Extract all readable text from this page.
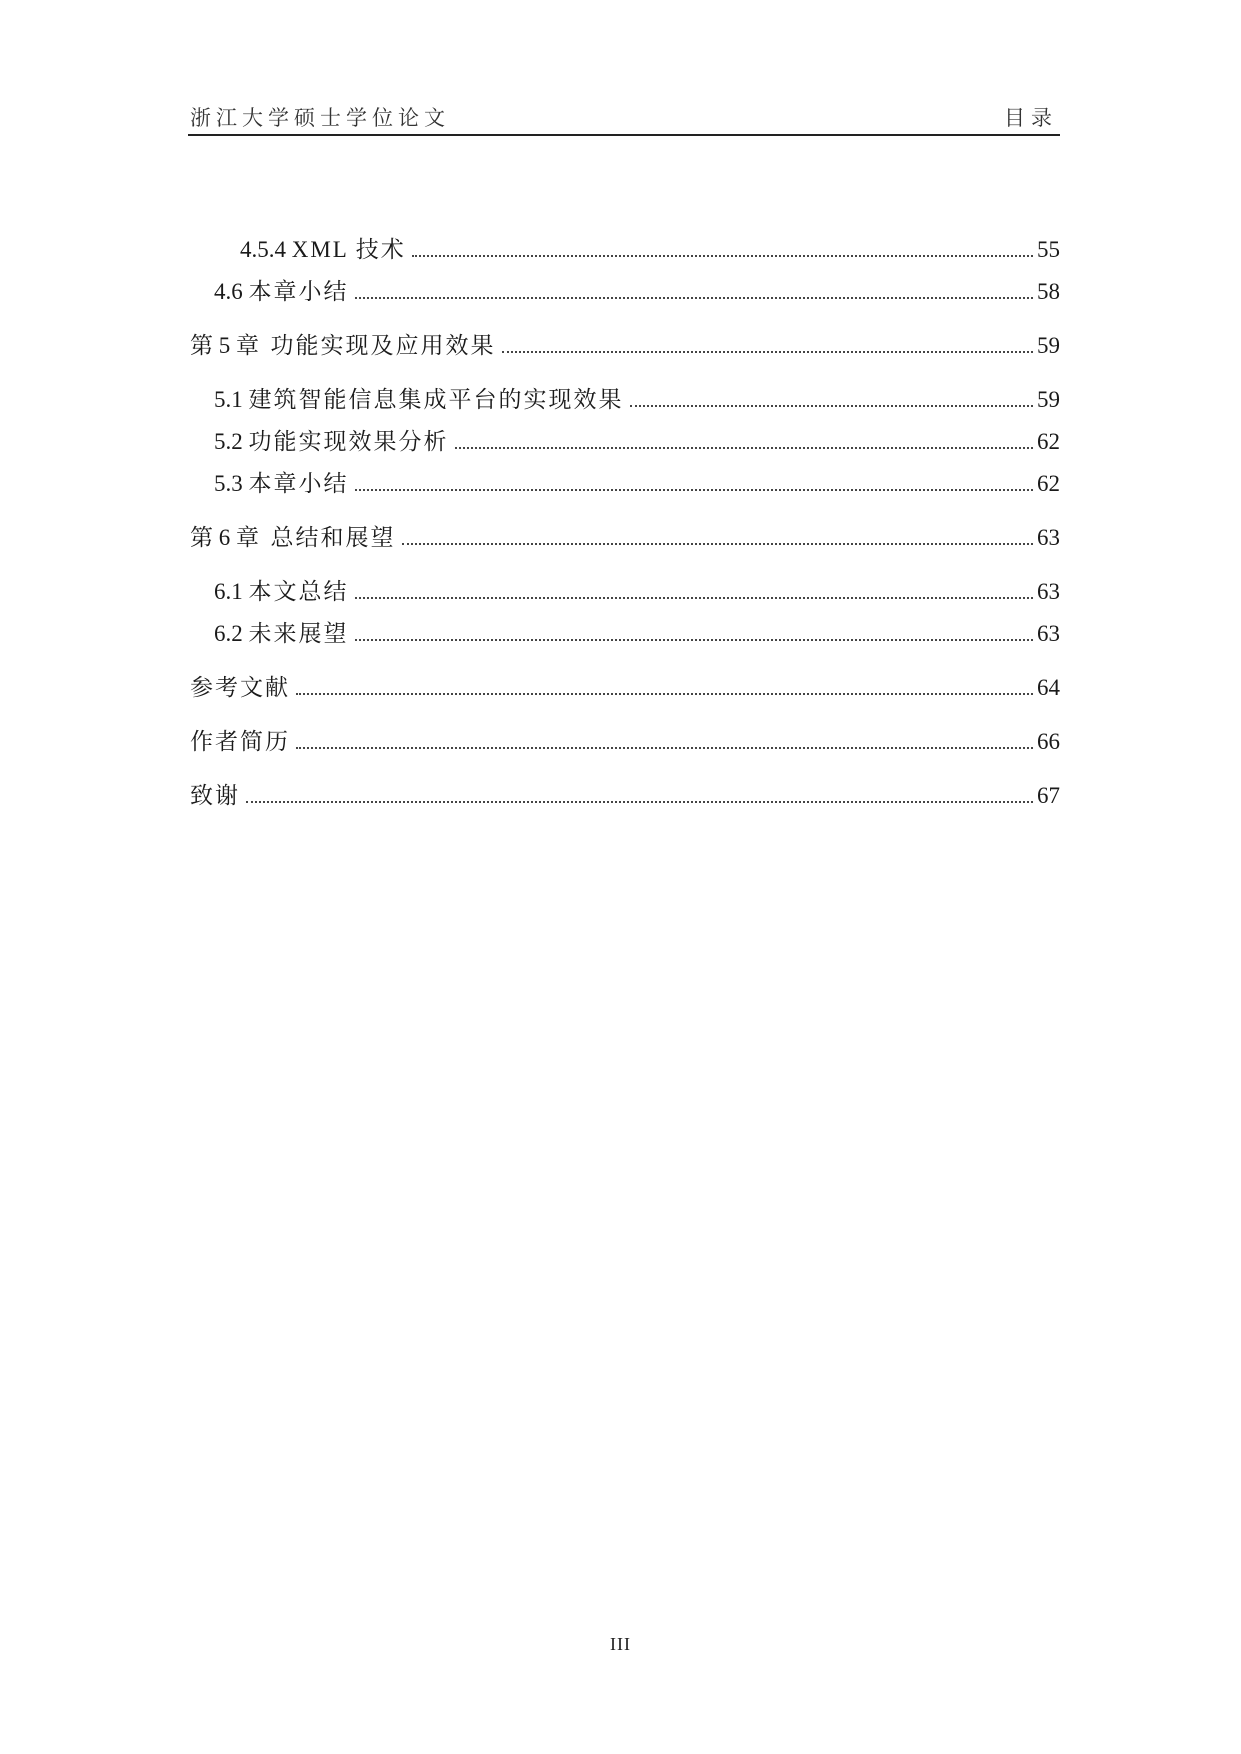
浙江大学硕士学位论文	目录
4.5.4 XML 技术	55
4.6 本章小结	58
第 5 章 功能实现及应用效果	59
5.1 建筑智能信息集成平台的实现效果	59
5.2 功能实现效果分析	62
5.3 本章小结	62
第 6 章 总结和展望	63
6.1 本文总结	63
6.2 未来展望	63
参考文献	64
作者简历	66
致谢	67
III
